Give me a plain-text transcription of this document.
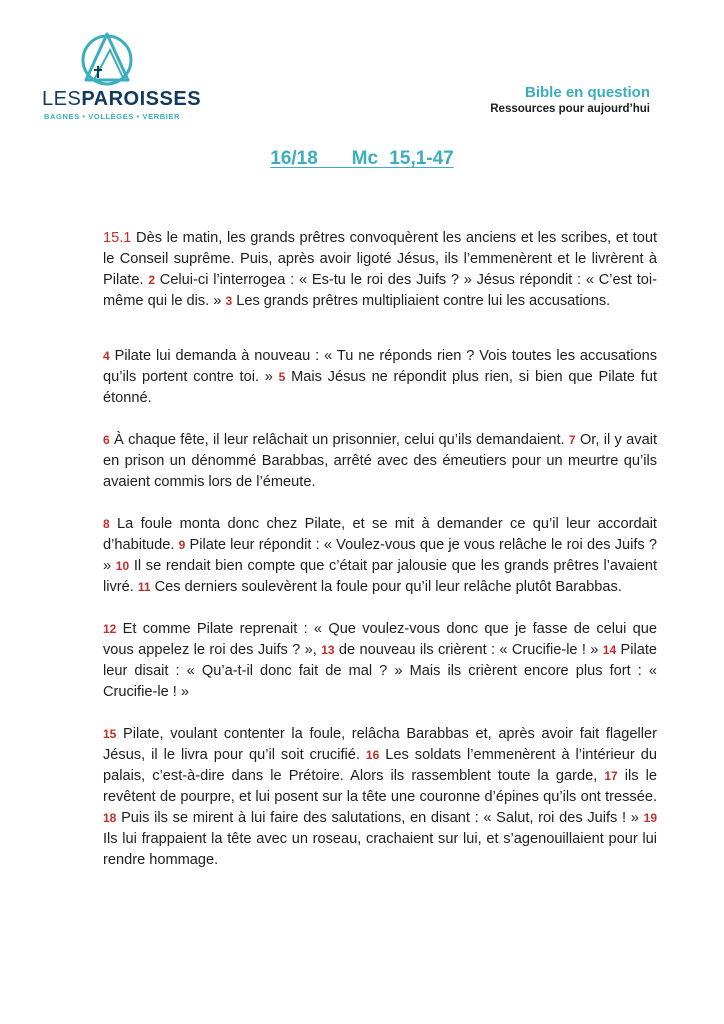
LESPAROISSES
BAGNES • VOLLÈGES • VERBIER
Bible en question
Ressources pour aujourd’hui
16/18   Mc 15,1-47

15.1 Dès le matin, les grands prêtres convoquèrent les anciens et les scribes, et tout le Conseil suprême. Puis, après avoir ligoté Jésus, ils l’emmenèrent et le livrèrent à Pilate. 2 Celui-ci l’interrogea : « Es-tu le roi des Juifs ? » Jésus répondit : « C’est toi-même qui le dis. » 3 Les grands prêtres multipliaient contre lui les accusations.

4 Pilate lui demanda à nouveau : « Tu ne réponds rien ? Vois toutes les accusations qu’ils portent contre toi. » 5 Mais Jésus ne répondit plus rien, si bien que Pilate fut étonné.

6 À chaque fête, il leur relâchait un prisonnier, celui qu’ils demandaient. 7 Or, il y avait en prison un dénommé Barabbas, arrêté avec des émeutiers pour un meurtre qu’ils avaient commis lors de l’émeute.

8 La foule monta donc chez Pilate, et se mit à demander ce qu’il leur accordait d’habitude. 9 Pilate leur répondit : « Voulez-vous que je vous relâche le roi des Juifs ? » 10 Il se rendait bien compte que c’était par jalousie que les grands prêtres l’avaient livré. 11 Ces derniers soulevèrent la foule pour qu’il leur relâche plutôt Barabbas.

12 Et comme Pilate reprenait : « Que voulez-vous donc que je fasse de celui que vous appelez le roi des Juifs ? », 13 de nouveau ils crièrent : « Crucifie-le ! » 14 Pilate leur disait : « Qu’a-t-il donc fait de mal ? » Mais ils crièrent encore plus fort : « Crucifie-le ! »

15 Pilate, voulant contenter la foule, relâcha Barabbas et, après avoir fait flageller Jésus, il le livra pour qu’il soit crucifié. 16 Les soldats l’emmenèrent à l’intérieur du palais, c’est-à-dire dans le Prétoire. Alors ils rassemblent toute la garde, 17 ils le revêtent de pourpre, et lui posent sur la tête une couronne d’épines qu’ils ont tressée. 18 Puis ils se mirent à lui faire des salutations, en disant : « Salut, roi des Juifs ! » 19 Ils lui frappaient la tête avec un roseau, crachaient sur lui, et s’agenouillaient pour lui rendre hommage.
